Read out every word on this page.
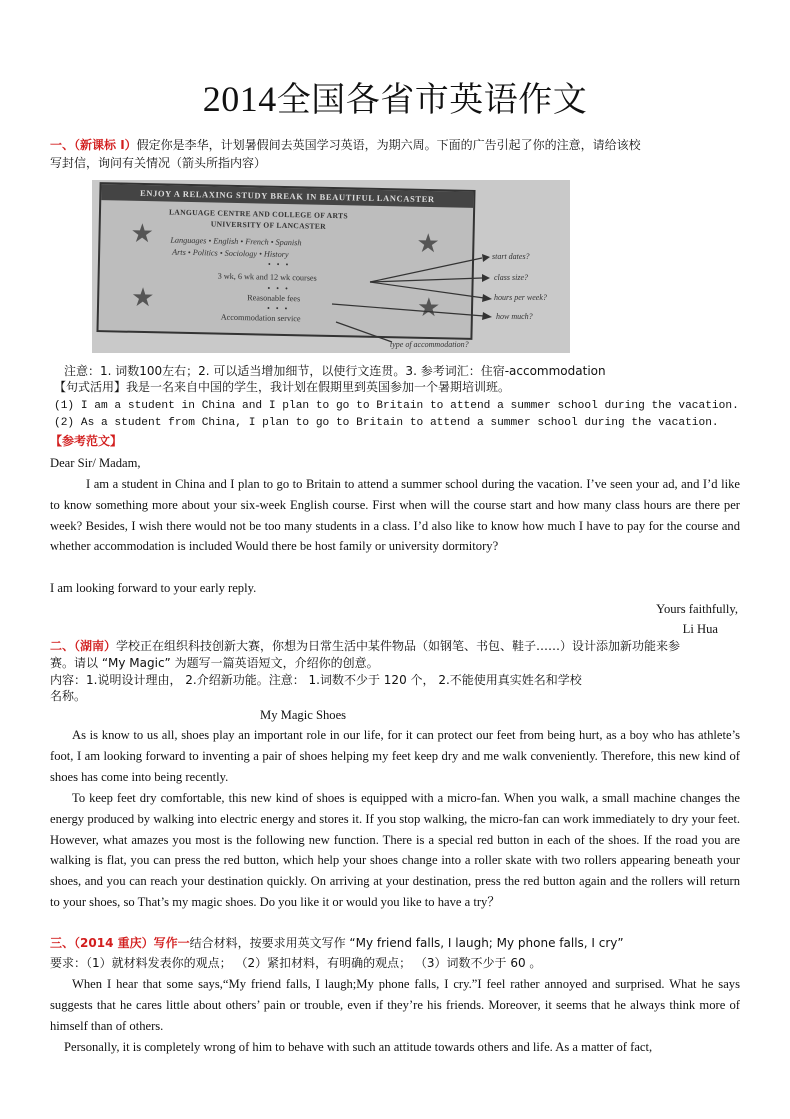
2014全国各省市英语作文
一、（新课标 I）假定你是李华，计划暑假间去英国学习英语，为期六周。下面的广告引起了你的注意，请给该校
写封信，询问有关情况（箭头所指内容）
ENJOY A RELAXING STUDY BREAK IN BEAUTIFUL LANCASTER
LANGUAGE CENTRE AND COLLEGE OF ARTS
UNIVERSITY OF LANCASTER
Languages • English • French • Spanish
Arts • Politics • Sociology • History
• • •
3 wk, 6 wk and 12 wk courses
• • •
Reasonable fees
• • •
Accommodation service
★	★
★	★
start dates?
class size?
hours per week?
how much?
type of accommodation?
注意：1. 词数100左右；2. 可以适当增加细节，以使行文连贯。3. 参考词汇：住宿-accommodation
【句式活用】我是一名来自中国的学生，我计划在假期里到英国参加一个暑期培训班。
(1) I am a student in China and I plan to go to Britain to attend a summer school during the vacation.
(2) As a student from China, I plan to go to Britain to attend a summer school during the vacation.
【参考范文】
Dear Sir/ Madam,
I am a student in China and I plan to go to Britain to attend a summer school during the vacation. I’ve seen your ad, and I’d like to know something more about your six-week English course. First when will the course start and how many class hours are there per week? Besides, I wish there would not be too many students in a class. I’d also like to know how much I have to pay for the course and whether accommodation is included Would there be host family or university dormitory?
I am looking forward to your early reply.
Yours faithfully,
Li Hua
二、（湖南）学校正在组织科技创新大赛，你想为日常生活中某件物品（如钢笔、书包、鞋子……）设计添加新功能来参
赛。请以 “My Magic” 为题写一篇英语短文，介绍你的创意。
内容：1.说明设计理由， 2.介绍新功能。注意： 1.词数不少于 120 个， 2.不能使用真实姓名和学校
名称。
My Magic Shoes
As is know to us all, shoes play an important role in our life, for it can protect our feet from being hurt, as a boy who has athlete’s foot, I am looking forward to inventing a pair of shoes helping my feet keep dry and me walk conveniently. Therefore, this new kind of shoes has come into being recently.
To keep feet dry comfortable, this new kind of shoes is equipped with a micro-fan. When you walk, a small machine changes the energy produced by walking into electric energy and stores it. If you stop walking, the micro-fan can work immediately to dry your feet. However, what amazes you most is the following new function. There is a special red button in each of the shoes. If the road you are walking is flat, you can press the red button, which help your shoes change into a roller skate with two rollers appearing beneath your shoes, and you can reach your destination quickly. On arriving at your destination, press the red button again and the rollers will return to your shoes, so That’s my magic shoes. Do you like it or would you like to have a try？
三、（2014 重庆）写作一结合材料，按要求用英文写作 “My friend falls, I laugh; My phone falls, I cry”
要求：（1）就材料发表你的观点； （2）紧扣材料，有明确的观点； （3）词数不少于 60 。
When I hear that some says,“My friend falls, I laugh;My phone falls, I cry.”I feel rather annoyed and surprised. What he says suggests that he cares little about others’ pain or trouble, even if they’re his friends. Moreover, it seems that he always think more of himself than of others.
Personally, it is completely wrong of him to behave with such an attitude towards others and life. As a matter of fact,
